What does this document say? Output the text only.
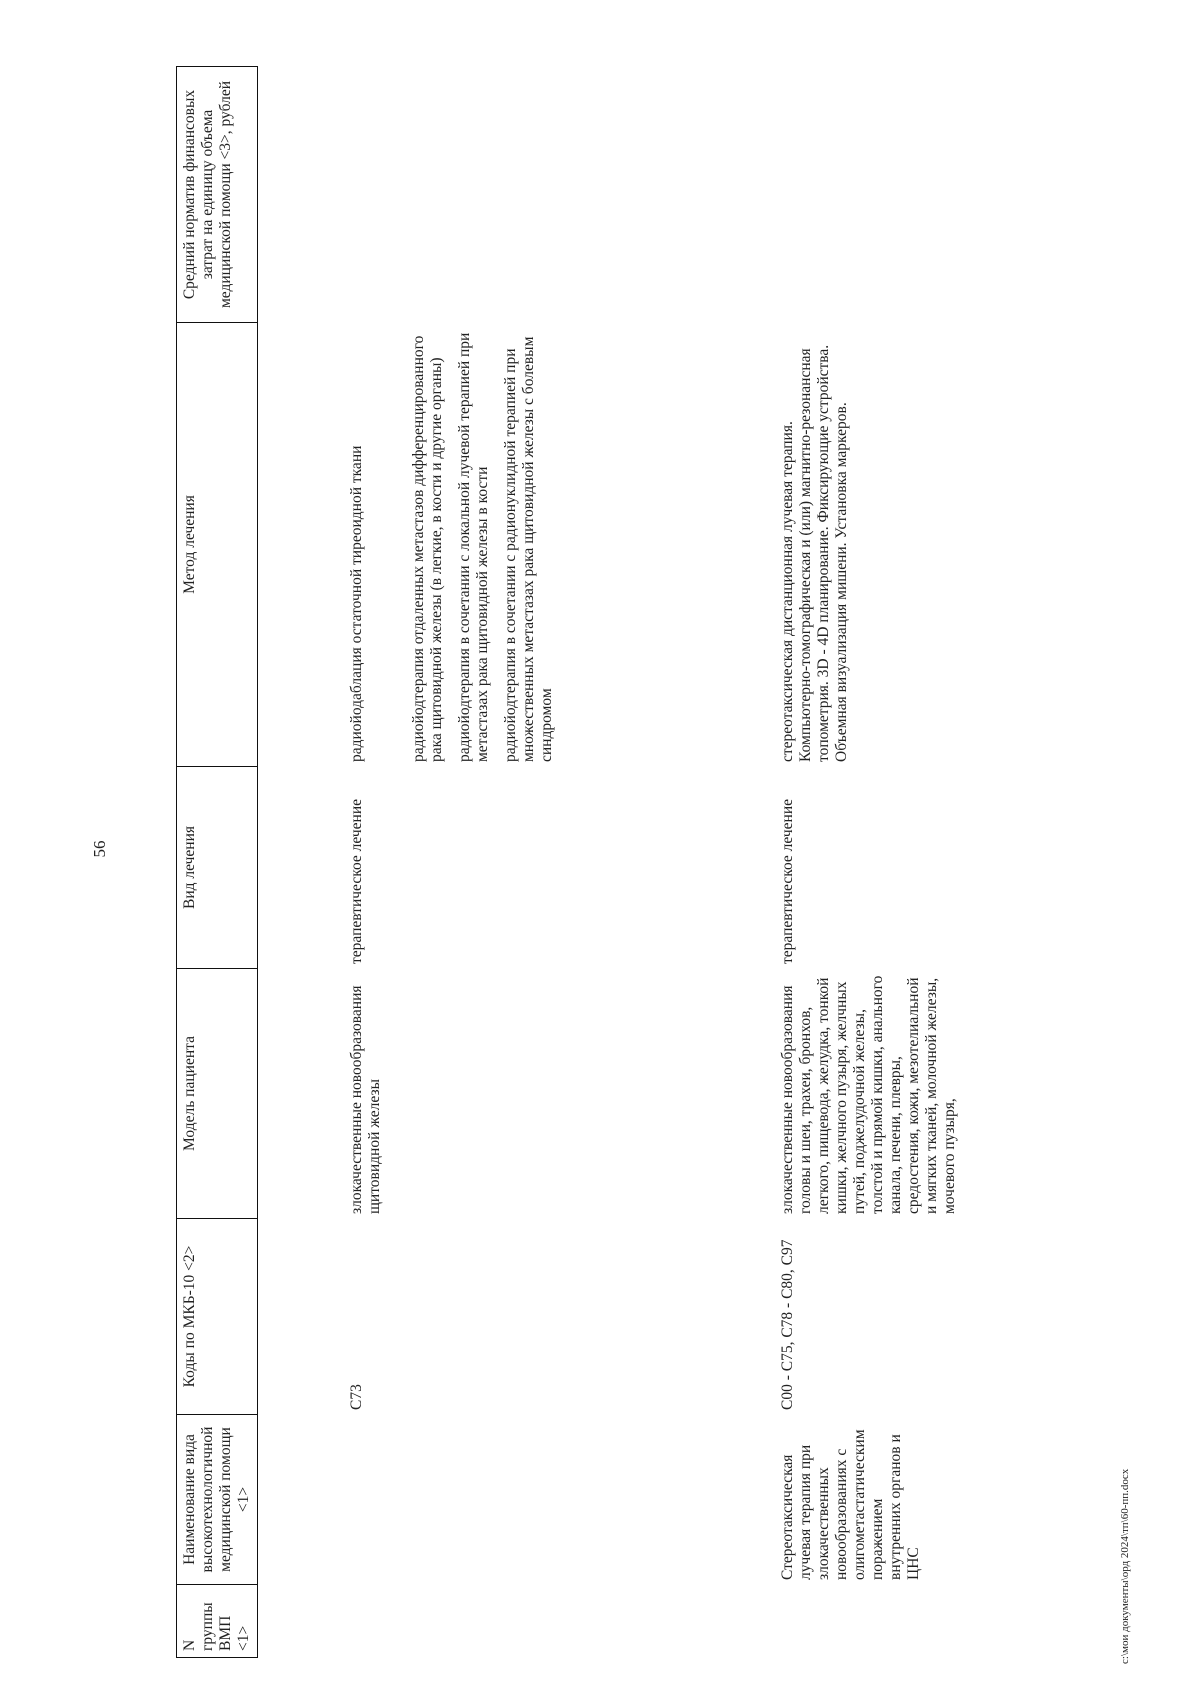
56
N группы ВМП <1>
Наименование вида высокотехнологичной медицинской помощи <1>
Коды по МКБ-10 <2>
Модель пациента
Вид лечения
Метод лечения
Средний норматив финансовых затрат на единицу объема медицинской помощи <3>, рублей
C73
злокачественные новообразования щитовидной железы
терапевтическое лечение
радиойодаблация остаточной тиреоидной ткани	радиойодтерапия отдаленных метастазов дифференцированного рака щитовидной железы (в легкие, в кости и другие органы) радиойодтерапия в сочетании с локальной лучевой терапией при метастазах рака щитовидной железы в кости радиойодтерапия в сочетании с радионуклидной терапией при множественных метастазах рака щитовидной железы с болевым синдромом
Стереотаксическая лучевая терапия при злокачественных новообразованиях с олигометастатическим поражением внутренних органов и ЦНС
C00 - C75, C78 - C80, C97
злокачественные новообразования головы и шеи, трахеи, бронхов, легкого, пищевода, желудка, тонкой кишки, желчного пузыря, желчных путей, поджелудочной железы, толстой и прямой кишки, анального канала, печени, плевры, средостения, кожи, мезотелиальной и мягких тканей, молочной железы, мочевого пузыря,
терапевтическое лечение
стереотаксическая дистанционная лучевая терапия. Компьютерно-томографическая и (или) магнитно-резонансная топометрия. 3D - 4D планирование. Фиксирующие устройства. Объемная визуализация мишени. Установка маркеров.
c:\мои документы\орд 2024\тп\60-пп.docx
